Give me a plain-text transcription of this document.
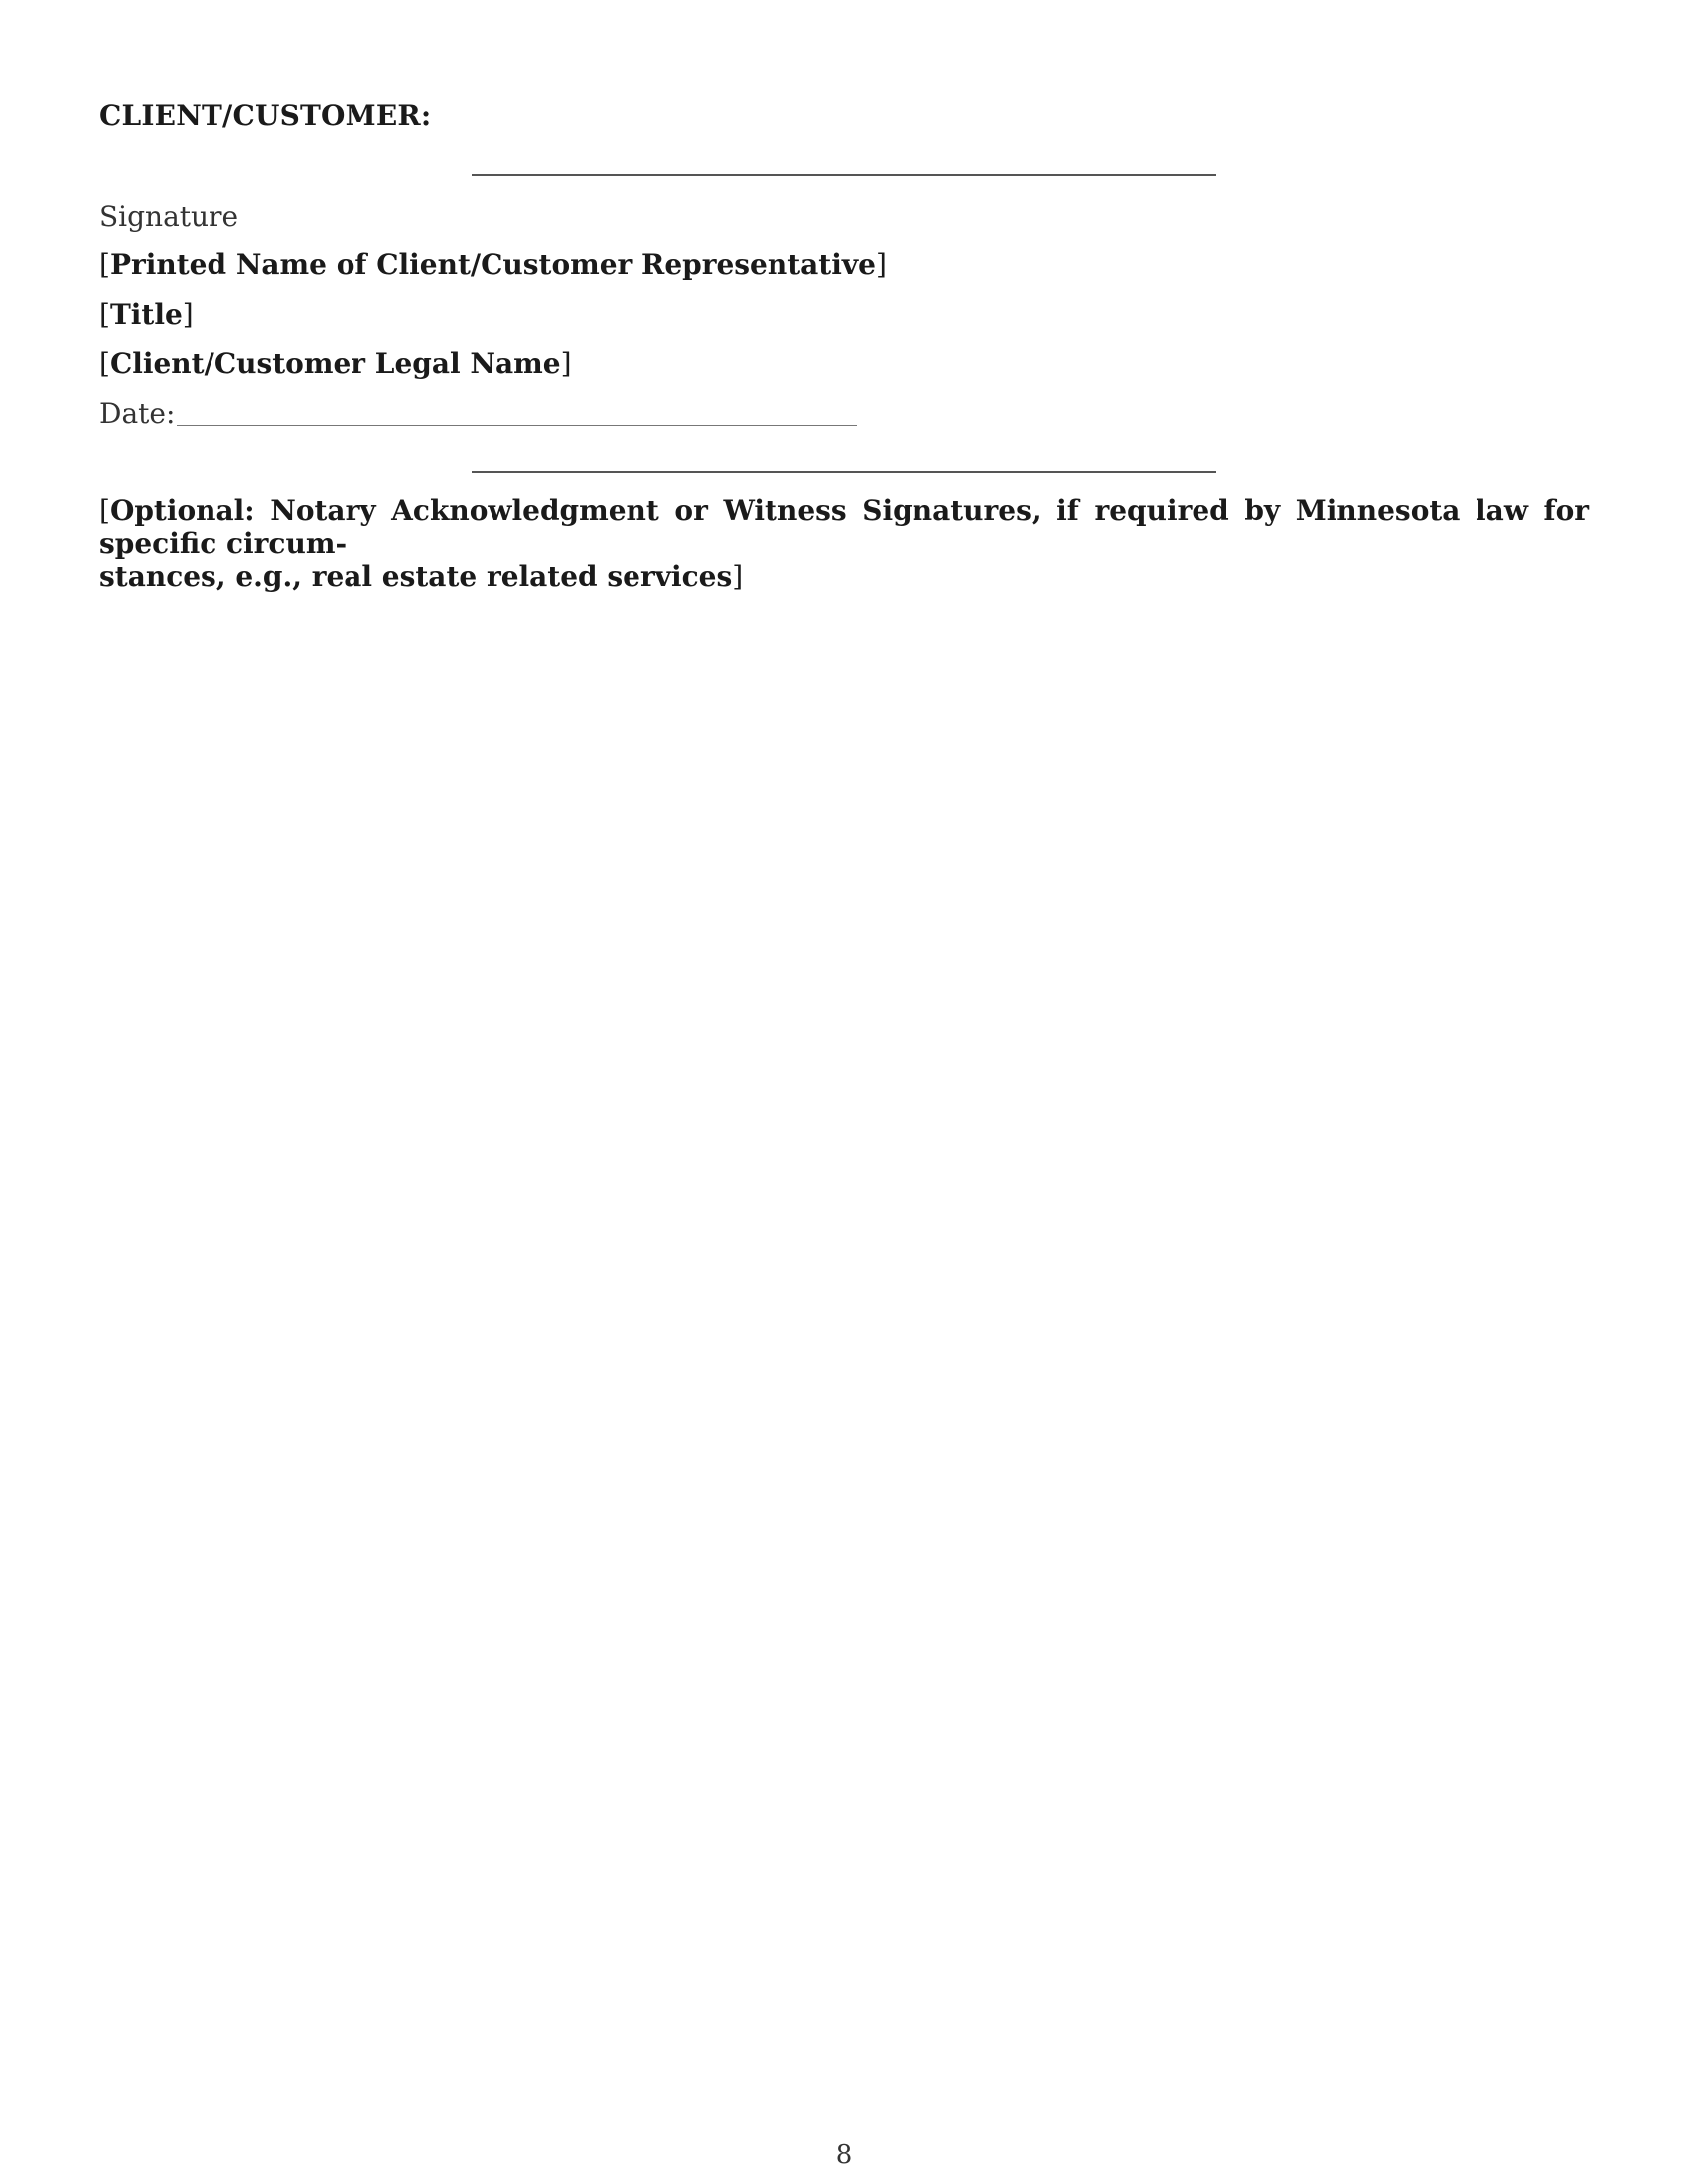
CLIENT/CUSTOMER:
Signature
[Printed Name of Client/Customer Representative]
[Title]
[Client/Customer Legal Name]
Date:
[Optional: Notary Acknowledgment or Witness Signatures, if required by Minnesota law for specific circum-
stances, e.g., real estate related services]
8
